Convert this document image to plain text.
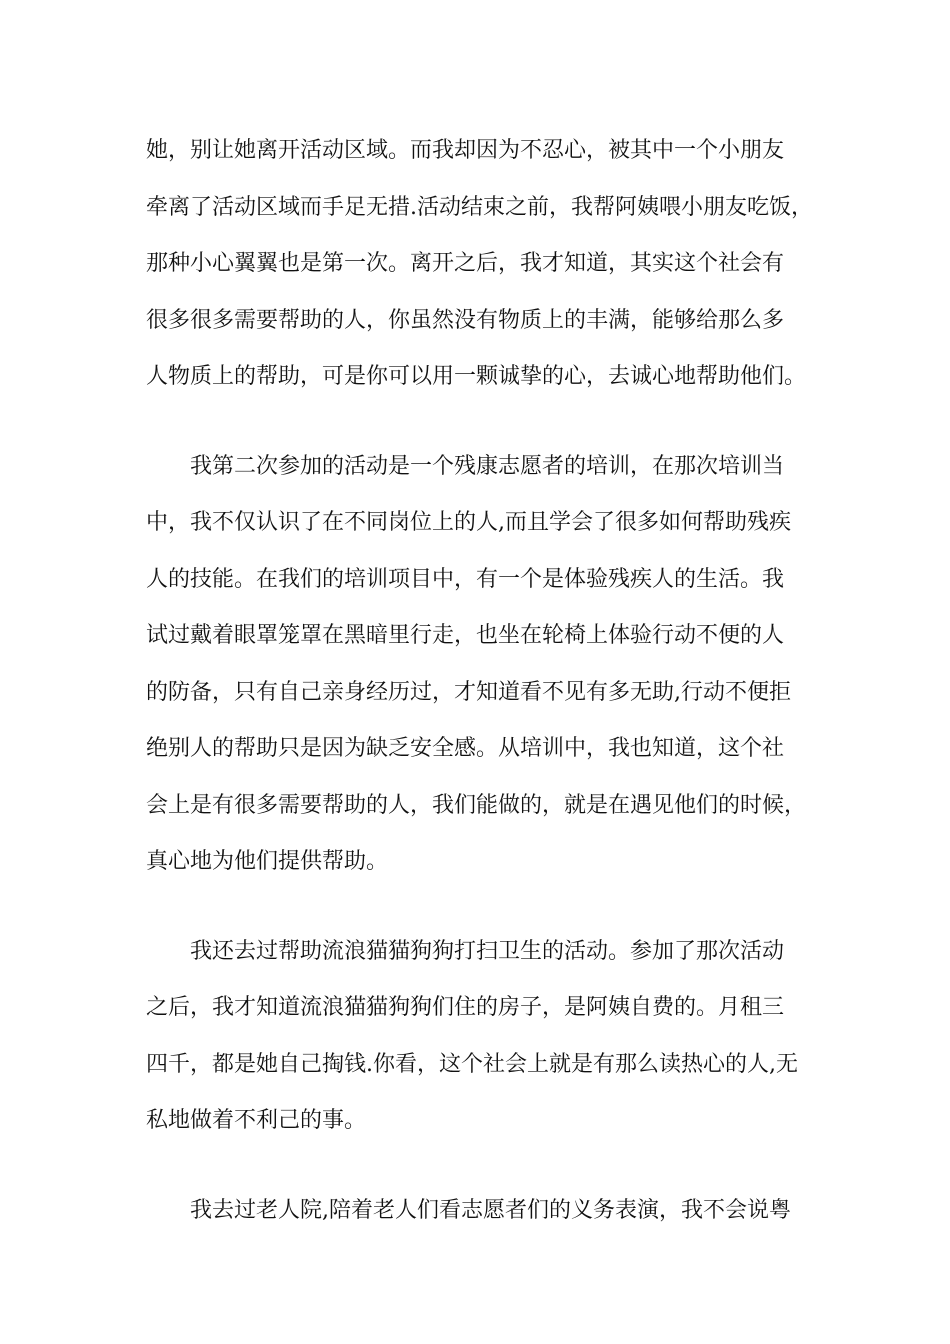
她，别让她离开活动区域。而我却因为不忍心，被其中一个小朋友
牵离了活动区域而手足无措.活动结束之前，我帮阿姨喂小朋友吃饭，
那种小心翼翼也是第一次。离开之后，我才知道，其实这个社会有
很多很多需要帮助的人，你虽然没有物质上的丰满，能够给那么多
人物质上的帮助，可是你可以用一颗诚挚的心，去诚心地帮助他们。

我第二次参加的活动是一个残康志愿者的培训，在那次培训当
中，我不仅认识了在不同岗位上的人,而且学会了很多如何帮助残疾
人的技能。在我们的培训项目中，有一个是体验残疾人的生活。我
试过戴着眼罩笼罩在黑暗里行走，也坐在轮椅上体验行动不便的人
的防备，只有自己亲身经历过，才知道看不见有多无助,行动不便拒
绝别人的帮助只是因为缺乏安全感。从培训中，我也知道，这个社
会上是有很多需要帮助的人，我们能做的，就是在遇见他们的时候，
真心地为他们提供帮助。

我还去过帮助流浪猫猫狗狗打扫卫生的活动。参加了那次活动
之后，我才知道流浪猫猫狗狗们住的房子，是阿姨自费的。月租三
四千，都是她自己掏钱.你看，这个社会上就是有那么读热心的人,无
私地做着不利己的事。

我去过老人院,陪着老人们看志愿者们的义务表演，我不会说粤
